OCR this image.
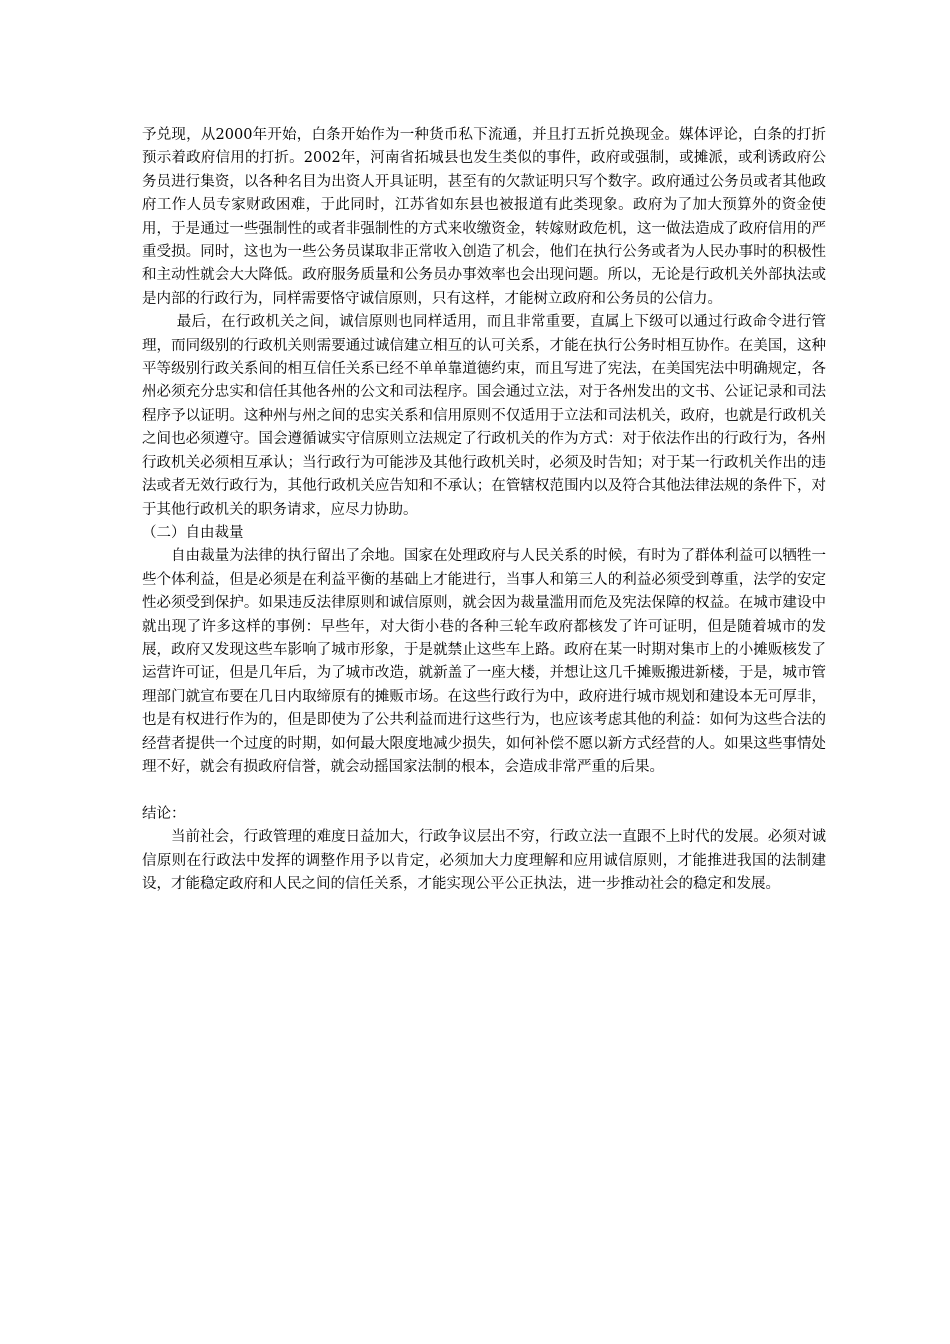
予兑现，从2000年开始，白条开始作为一种货币私下流通，并且打五折兑换现金。媒体评论，白条的打折预示着政府信用的打折。2002年，河南省拓城县也发生类似的事件，政府或强制，或摊派，或利诱政府公务员进行集资，以各种名目为出资人开具证明，甚至有的欠款证明只写个数字。政府通过公务员或者其他政府工作人员专家财政困难，于此同时，江苏省如东县也被报道有此类现象。政府为了加大预算外的资金使用，于是通过一些强制性的或者非强制性的方式来收缴资金，转嫁财政危机，这一做法造成了政府信用的严重受损。同时，这也为一些公务员谋取非正常收入创造了机会，他们在执行公务或者为人民办事时的积极性和主动性就会大大降低。政府服务质量和公务员办事效率也会出现问题。所以，无论是行政机关外部执法或是内部的行政行为，同样需要恪守诚信原则，只有这样，才能树立政府和公务员的公信力。

最后，在行政机关之间，诚信原则也同样适用，而且非常重要，直属上下级可以通过行政命令进行管理，而同级别的行政机关则需要通过诚信建立相互的认可关系，才能在执行公务时相互协作。在美国，这种平等级别行政关系间的相互信任关系已经不单单靠道德约束，而且写进了宪法，在美国宪法中明确规定，各州必须充分忠实和信任其他各州的公文和司法程序。国会通过立法，对于各州发出的文书、公证记录和司法程序予以证明。这种州与州之间的忠实关系和信用原则不仅适用于立法和司法机关，政府，也就是行政机关之间也必须遵守。国会遵循诚实守信原则立法规定了行政机关的作为方式：对于依法作出的行政行为，各州行政机关必须相互承认；当行政行为可能涉及其他行政机关时，必须及时告知；对于某一行政机关作出的违法或者无效行政行为，其他行政机关应告知和不承认；在管辖权范围内以及符合其他法律法规的条件下，对于其他行政机关的职务请求，应尽力协助。

（二）自由裁量

自由裁量为法律的执行留出了余地。国家在处理政府与人民关系的时候，有时为了群体利益可以牺牲一些个体利益，但是必须是在利益平衡的基础上才能进行，当事人和第三人的利益必须受到尊重，法学的安定性必须受到保护。如果违反法律原则和诚信原则，就会因为裁量滥用而危及宪法保障的权益。在城市建设中就出现了许多这样的事例：早些年，对大街小巷的各种三轮车政府都核发了许可证明，但是随着城市的发展，政府又发现这些车影响了城市形象，于是就禁止这些车上路。政府在某一时期对集市上的小摊贩核发了运营许可证，但是几年后，为了城市改造，就新盖了一座大楼，并想让这几千摊贩搬进新楼，于是，城市管理部门就宣布要在几日内取缔原有的摊贩市场。在这些行政行为中，政府进行城市规划和建设本无可厚非，也是有权进行作为的，但是即使为了公共利益而进行这些行为，也应该考虑其他的利益：如何为这些合法的经营者提供一个过度的时期，如何最大限度地减少损失，如何补偿不愿以新方式经营的人。如果这些事情处理不好，就会有损政府信誉，就会动摇国家法制的根本，会造成非常严重的后果。

结论：

当前社会，行政管理的难度日益加大，行政争议层出不穷，行政立法一直跟不上时代的发展。必须对诚信原则在行政法中发挥的调整作用予以肯定，必须加大力度理解和应用诚信原则，才能推进我国的法制建设，才能稳定政府和人民之间的信任关系，才能实现公平公正执法，进一步推动社会的稳定和发展。
